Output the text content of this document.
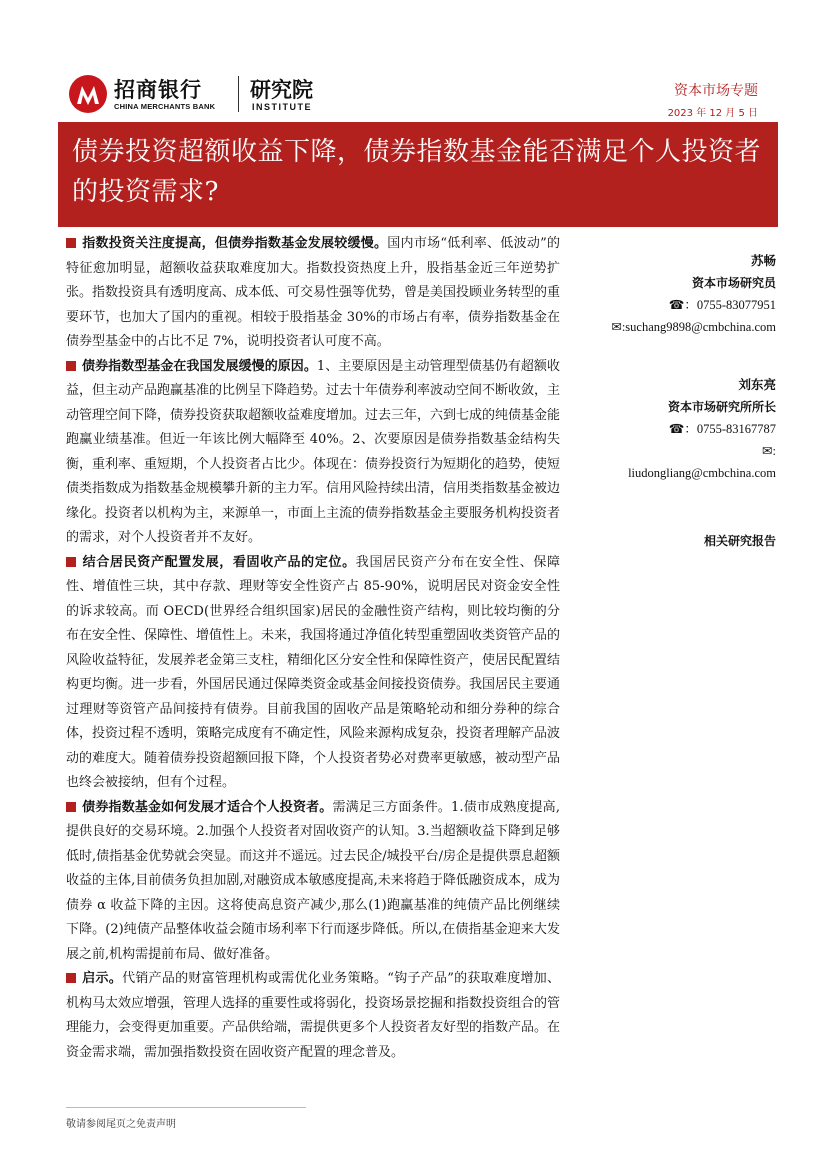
招商银行
CHINA MERCHANTS BANK
研究院
INSTITUTE
资本市场专题
2023 年 12 月 5 日
债券投资超额收益下降，债券指数基金能否满足个人投资者的投资需求?

指数投资关注度提高，但债券指数基金发展较缓慢。国内市场“低利率、低波动”的特征愈加明显，超额收益获取难度加大。指数投资热度上升，股指基金近三年逆势扩张。指数投资具有透明度高、成本低、可交易性强等优势，曾是美国投顾业务转型的重要环节，也加大了国内的重视。相较于股指基金 30%的市场占有率，债券指数基金在债券型基金中的占比不足 7%，说明投资者认可度不高。

债券指数型基金在我国发展缓慢的原因。1、主要原因是主动管理型债基仍有超额收益，但主动产品跑赢基准的比例呈下降趋势。过去十年债券利率波动空间不断收敛，主动管理空间下降，债券投资获取超额收益难度增加。过去三年，六到七成的纯债基金能跑赢业绩基准。但近一年该比例大幅降至 40%。2、次要原因是债券指数基金结构失衡，重利率、重短期，个人投资者占比少。体现在：债券投资行为短期化的趋势，使短债类指数成为指数基金规模攀升新的主力军。信用风险持续出清，信用类指数基金被边缘化。投资者以机构为主，来源单一，市面上主流的债券指数基金主要服务机构投资者的需求，对个人投资者并不友好。

结合居民资产配置发展，看固收产品的定位。我国居民资产分布在安全性、保障性、增值性三块，其中存款、理财等安全性资产占 85-90%，说明居民对资金安全性的诉求较高。而 OECD(世界经合组织国家)居民的金融性资产结构，则比较均衡的分布在安全性、保障性、增值性上。未来，我国将通过净值化转型重塑固收类资管产品的风险收益特征，发展养老金第三支柱，精细化区分安全性和保障性资产，使居民配置结构更均衡。进一步看，外国居民通过保障类资金或基金间接投资债券。我国居民主要通过理财等资管产品间接持有债券。目前我国的固收产品是策略轮动和细分券种的综合体，投资过程不透明，策略完成度有不确定性，风险来源构成复杂，投资者理解产品波动的难度大。随着债券投资超额回报下降，个人投资者势必对费率更敏感，被动型产品也终会被接纳，但有个过程。

债券指数基金如何发展才适合个人投资者。需满足三方面条件。1.债市成熟度提高,提供良好的交易环境。2.加强个人投资者对固收资产的认知。3.当超额收益下降到足够低时,债指基金优势就会突显。而这并不遥远。过去民企/城投平台/房企是提供票息超额收益的主体,目前债务负担加剧,对融资成本敏感度提高,未来将趋于降低融资成本，成为债券 α 收益下降的主因。这将使高息资产减少,那么(1)跑赢基准的纯债产品比例继续下降。(2)纯债产品整体收益会随市场利率下行而逐步降低。所以,在债指基金迎来大发展之前,机构需提前布局、做好准备。

启示。代销产品的财富管理机构或需优化业务策略。“钩子产品”的获取难度增加、机构马太效应增强，管理人选择的重要性或将弱化，投资场景挖掘和指数投资组合的管理能力，会变得更加重要。产品供给端，需提供更多个人投资者友好型的指数产品。在资金需求端，需加强指数投资在固收资产配置的理念普及。

苏畅
资本市场研究员
☎：0755-83077951
✉:suchang9898@cmbchina.com
刘东亮
资本市场研究所所长
☎：0755-83167787
✉:
liudongliang@cmbchina.com
相关研究报告
敬请参阅尾页之免责声明
